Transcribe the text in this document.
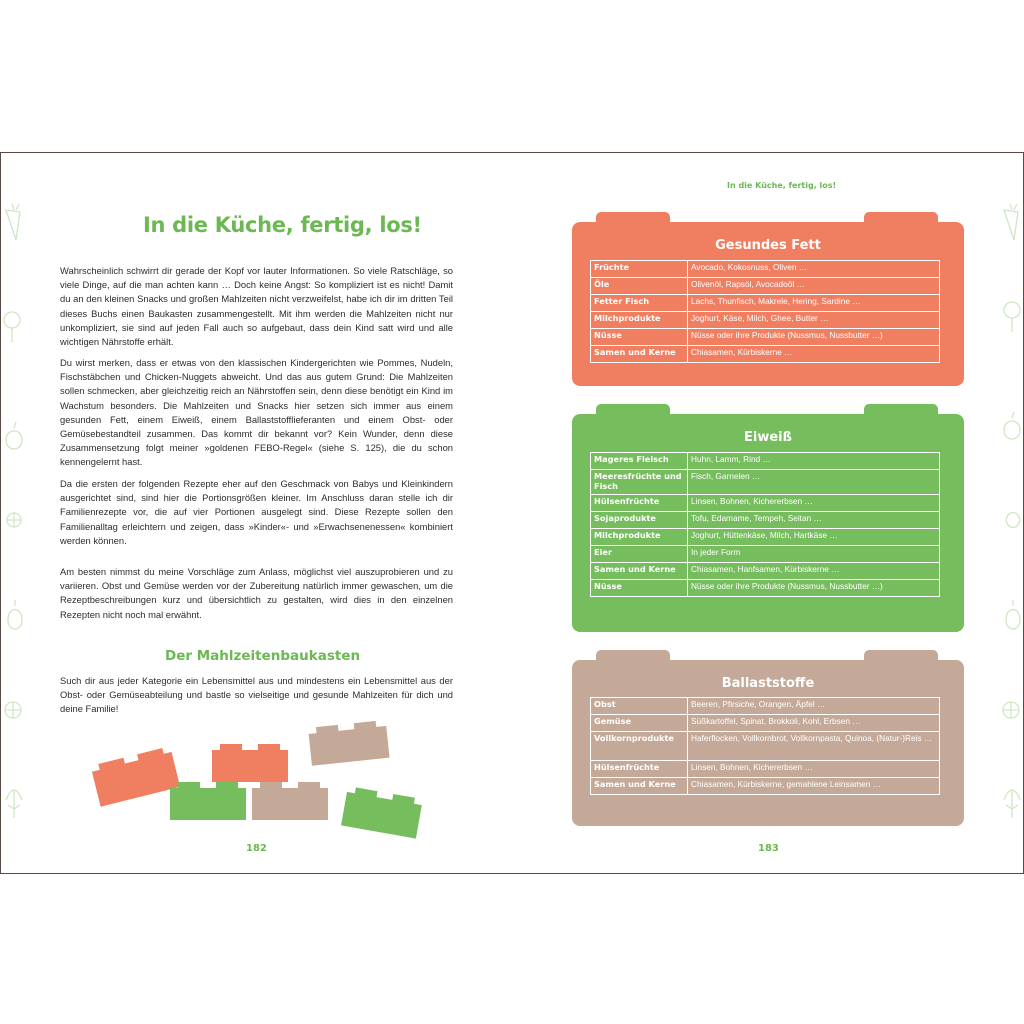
In die Küche, fertig, los!

Wahrscheinlich schwirrt dir gerade der Kopf vor lauter Informationen. So viele Ratschläge, so viele Dinge, auf die man achten kann … Doch keine Angst: So kompliziert ist es nicht! Damit du an den kleinen Snacks und großen Mahlzeiten nicht verzweifelst, habe ich dir im dritten Teil dieses Buchs einen Baukasten zusammengestellt. Mit ihm werden die Mahlzeiten nicht nur unkompliziert, sie sind auf jeden Fall auch so aufgebaut, dass dein Kind satt wird und alle wichtigen Nährstoffe erhält.

Du wirst merken, dass er etwas von den klassischen Kindergerichten wie Pommes, Nudeln, Fischstäbchen und Chicken-Nuggets abweicht. Und das aus gutem Grund: Die Mahlzeiten sollen schmecken, aber gleichzeitig reich an Nährstoffen sein, denn diese benötigt ein Kind im Wachstum besonders. Die Mahlzeiten und Snacks hier setzen sich immer aus einem gesunden Fett, einem Eiweiß, einem Ballaststofflieferanten und einem Obst- oder Gemüsebestandteil zusammen. Das kommt dir bekannt vor? Kein Wunder, denn diese Zusammensetzung folgt meiner »goldenen FEBO-Regel« (siehe S. 125), die du schon kennengelernt hast.

Da die ersten der folgenden Rezepte eher auf den Geschmack von Babys und Kleinkindern ausgerichtet sind, sind hier die Portionsgrößen kleiner. Im Anschluss daran stelle ich dir Familienrezepte vor, die auf vier Portionen ausgelegt sind. Diese Rezepte sollen den Familienalltag erleichtern und zeigen, dass »Kinder«- und »Erwachsenenessen« kombiniert werden können.

Am besten nimmst du meine Vorschläge zum Anlass, möglichst viel auszuprobieren und zu variieren. Obst und Gemüse werden vor der Zubereitung natürlich immer gewaschen, um die Rezeptbeschreibungen kurz und übersichtlich zu gestalten, wird dies in den einzelnen Rezepten nicht noch mal erwähnt.

Der Mahlzeitenbaukasten

Such dir aus jeder Kategorie ein Lebensmittel aus und mindestens ein Lebensmittel aus der Obst- oder Gemüseabteilung und bastle so vielseitige und gesunde Mahlzeiten für dich und deine Familie!

182
In die Küche, fertig, los!
Gesundes Fett
Früchte	Avocado, Kokosnuss, Oliven …
Öle	Olivenöl, Rapsöl, Avocadoöl …
Fetter Fisch	Lachs, Thunfisch, Makrele, Hering, Sardine …
Milchprodukte	Joghurt, Käse, Milch, Ghee, Butter …
Nüsse	Nüsse oder ihre Produkte (Nussmus, Nussbutter …)
Samen und Kerne	Chiasamen, Kürbiskerne …
Eiweiß
Mageres Fleisch	Huhn, Lamm, Rind …
Meeresfrüchte und Fisch	Fisch, Garnelen …
Hülsenfrüchte	Linsen, Bohnen, Kichererbsen …
Sojaprodukte	Tofu, Edamame, Tempeh, Seitan …
Milchprodukte	Joghurt, Hüttenkäse, Milch, Hartkäse …
Eier	In jeder Form
Samen und Kerne	Chiasamen, Hanfsamen, Kürbiskerne …
Nüsse	Nüsse oder ihre Produkte (Nussmus, Nussbutter …)
Ballaststoffe
Obst	Beeren, Pfirsiche, Orangen, Äpfel …
Gemüse	Süßkartoffel, Spinat, Brokkoli, Kohl, Erbsen …
Vollkornprodukte	Haferflocken, Vollkornbrot, Vollkornpasta, Quinoa, (Natur-)Reis …
Hülsenfrüchte	Linsen, Bohnen, Kichererbsen …
Samen und Kerne	Chiasamen, Kürbiskerne, gemahlene Leinsamen …
183
